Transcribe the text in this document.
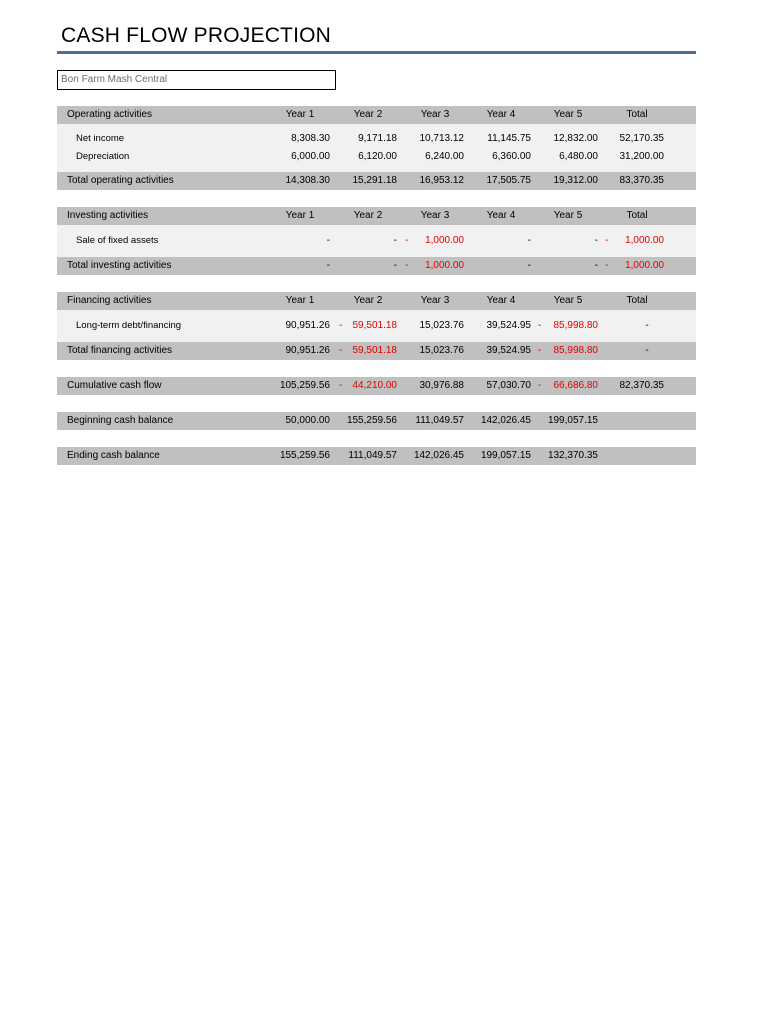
CASH FLOW PROJECTION
Bon Farm Mash Central
Operating activities	Year 1	Year 2	Year 3	Year 4	Year 5	Total
Net income	8,308.30	9,171.18	10,713.12	11,145.75	12,832.00	52,170.35
Depreciation	6,000.00	6,120.00	6,240.00	6,360.00	6,480.00	31,200.00
Total operating activities	14,308.30	15,291.18	16,953.12	17,505.75	19,312.00	83,370.35
Investing activities	Year 1	Year 2	Year 3	Year 4	Year 5	Total
Sale of fixed assets	-	- -	1,000.00	-	- -	1,000.00
Total investing activities	-	- -	1,000.00	-	- -	1,000.00
Financing activities	Year 1	Year 2	Year 3	Year 4	Year 5	Total
Long-term debt/financing	90,951.26 -	59,501.18	15,023.76	39,524.95 -	85,998.80	-
Total financing activities	90,951.26 -	59,501.18	15,023.76	39,524.95 -	85,998.80	-
Cumulative cash flow	105,259.56 -	44,210.00	30,976.88	57,030.70 -	66,686.80	82,370.35
Beginning cash balance	50,000.00	155,259.56	111,049.57	142,026.45	199,057.15
Ending cash balance	155,259.56	111,049.57	142,026.45	199,057.15	132,370.35
